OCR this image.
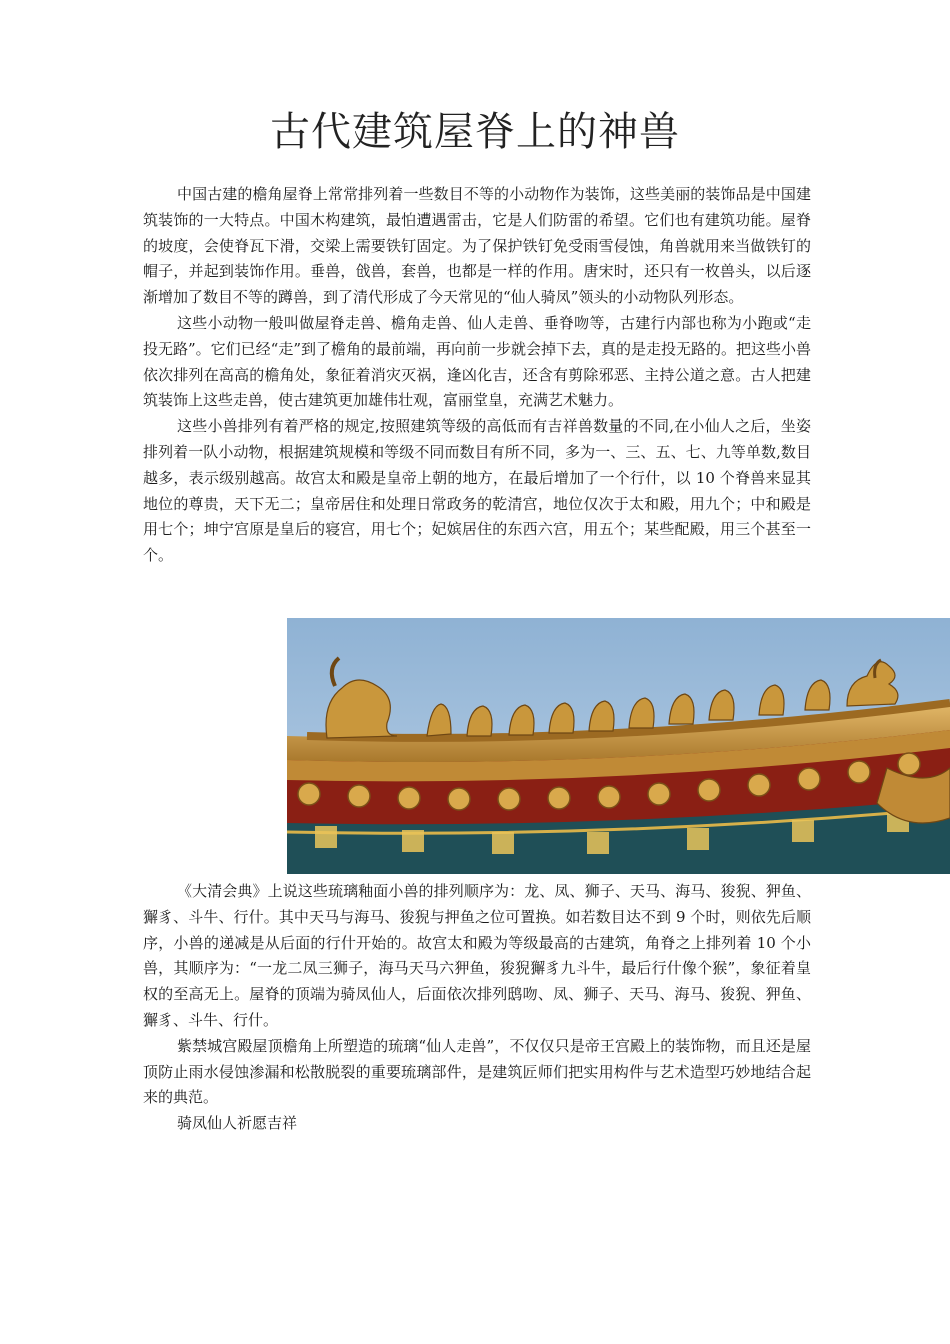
古代建筑屋脊上的神兽

中国古建的檐角屋脊上常常排列着一些数目不等的小动物作为装饰，这些美丽的装饰品是中国建筑装饰的一大特点。中国木构建筑，最怕遭遇雷击，它是人们防雷的希望。它们也有建筑功能。屋脊的坡度，会使脊瓦下滑，交梁上需要铁钉固定。为了保护铁钉免受雨雪侵蚀，角兽就用来当做铁钉的帽子，并起到装饰作用。垂兽，戗兽，套兽，也都是一样的作用。唐宋时，还只有一枚兽头，以后逐渐增加了数目不等的蹲兽，到了清代形成了今天常见的“仙人骑凤”领头的小动物队列形态。

这些小动物一般叫做屋脊走兽、檐角走兽、仙人走兽、垂脊吻等，古建行内部也称为小跑或“走投无路”。它们已经“走”到了檐角的最前端，再向前一步就会掉下去，真的是走投无路的。把这些小兽依次排列在高高的檐角处，象征着消灾灭祸，逢凶化吉，还含有剪除邪恶、主持公道之意。古人把建筑装饰上这些走兽，使古建筑更加雄伟壮观，富丽堂皇，充满艺术魅力。

这些小兽排列有着严格的规定,按照建筑等级的高低而有吉祥兽数量的不同,在小仙人之后，坐姿排列着一队小动物，根据建筑规模和等级不同而数目有所不同，多为一、三、五、七、九等单数,数目越多，表示级别越高。故宫太和殿是皇帝上朝的地方，在最后增加了一个行什，以 10 个脊兽来显其地位的尊贵，天下无二；皇帝居住和处理日常政务的乾清宫，地位仅次于太和殿，用九个；中和殿是用七个；坤宁宫原是皇后的寝宫，用七个；妃嫔居住的东西六宫，用五个；某些配殿，用三个甚至一个。

《大清会典》上说这些琉璃釉面小兽的排列顺序为：龙、凤、狮子、天马、海马、狻猊、狎鱼、獬豸、斗牛、行什。其中天马与海马、狻猊与押鱼之位可置换。如若数目达不到 9 个时，则依先后顺序，小兽的递减是从后面的行什开始的。故宫太和殿为等级最高的古建筑，角脊之上排列着 10 个小兽，其顺序为：“一龙二凤三狮子，海马天马六狎鱼，狻猊獬豸九斗牛，最后行什像个猴”，象征着皇权的至高无上。屋脊的顶端为骑凤仙人，后面依次排列鸱吻、凤、狮子、天马、海马、狻猊、狎鱼、獬豸、斗牛、行什。

紫禁城宫殿屋顶檐角上所塑造的琉璃“仙人走兽”，不仅仅只是帝王宫殿上的装饰物，而且还是屋顶防止雨水侵蚀渗漏和松散脱裂的重要琉璃部件，是建筑匠师们把实用构件与艺术造型巧妙地结合起来的典范。

骑凤仙人祈愿吉祥
